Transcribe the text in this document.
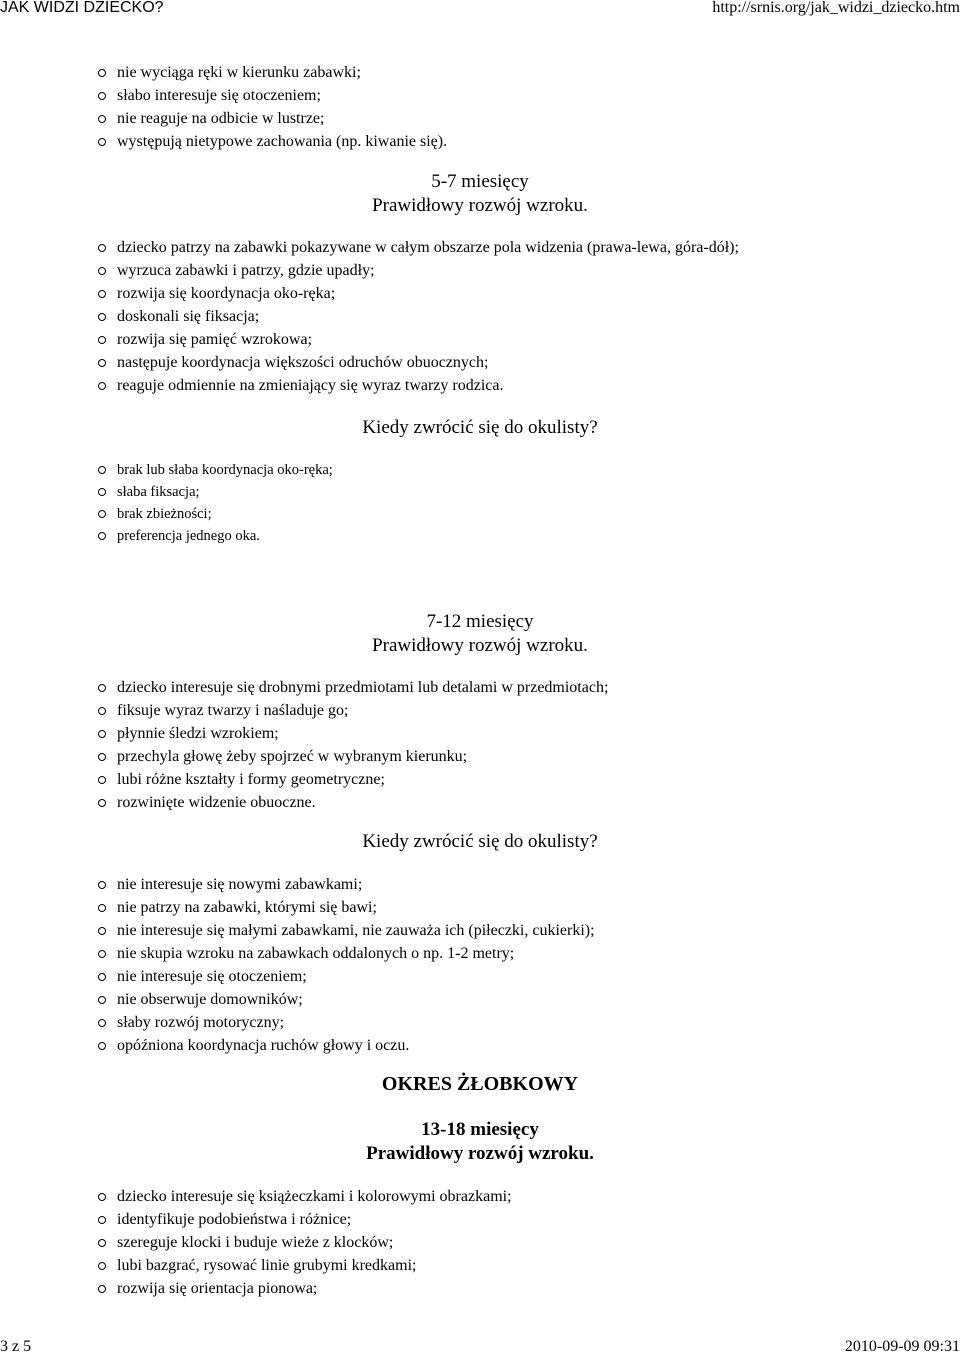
JAK WIDZI DZIECKO?	http://srnis.org/jak_widzi_dziecko.htm
nie wyciąga ręki w kierunku zabawki;
słabo interesuje się otoczeniem;
nie reaguje na odbicie w lustrze;
występują nietypowe zachowania (np. kiwanie się).
5-7 miesięcy
Prawidłowy rozwój wzroku.
dziecko patrzy na zabawki pokazywane w całym obszarze pola widzenia (prawa-lewa, góra-dół);
wyrzuca zabawki i patrzy, gdzie upadły;
rozwija się koordynacja oko-ręka;
doskonali się fiksacja;
rozwija się pamięć wzrokowa;
następuje koordynacja większości odruchów obuocznych;
reaguje odmiennie na zmieniający się wyraz twarzy rodzica.
Kiedy zwrócić się do okulisty?
brak lub słaba koordynacja oko-ręka;
słaba fiksacja;
brak zbieżności;
preferencja jednego oka.
7-12 miesięcy
Prawidłowy rozwój wzroku.
dziecko interesuje się drobnymi przedmiotami lub detalami w przedmiotach;
fiksuje wyraz twarzy i naśladuje go;
płynnie śledzi wzrokiem;
przechyla głowę żeby spojrzeć w wybranym kierunku;
lubi różne kształty i formy geometryczne;
rozwinięte widzenie obuoczne.
Kiedy zwrócić się do okulisty?
nie interesuje się nowymi zabawkami;
nie patrzy na zabawki, którymi się bawi;
nie interesuje się małymi zabawkami, nie zauważa ich (piłeczki, cukierki);
nie skupia wzroku na zabawkach oddalonych o np. 1-2 metry;
nie interesuje się otoczeniem;
nie obserwuje domowników;
słaby rozwój motoryczny;
opóźniona koordynacja ruchów głowy i oczu.
OKRES ŻŁOBKOWY
13-18 miesięcy
Prawidłowy rozwój wzroku.
dziecko interesuje się książeczkami i kolorowymi obrazkami;
identyfikuje podobieństwa i różnice;
szereguje klocki i buduje wieże z klocków;
lubi bazgrać, rysować linie grubymi kredkami;
rozwija się orientacja pionowa;
3 z 5	2010-09-09 09:31
